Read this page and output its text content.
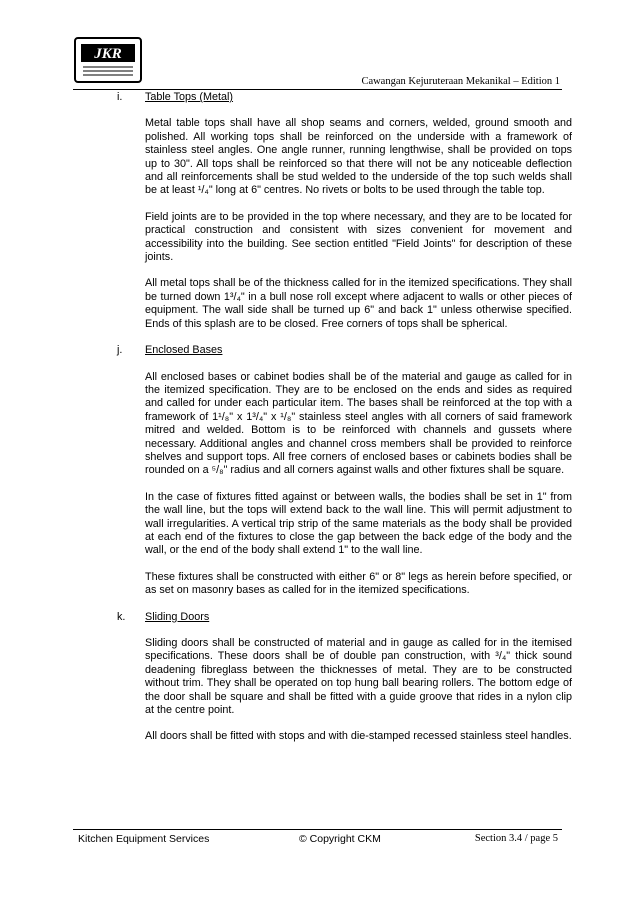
JKR
Cawangan Kejuruteraan Mekanikal – Edition 1
i.	Table Tops (Metal)

Metal table tops shall have all shop seams and corners, welded, ground smooth and polished. All working tops shall be reinforced on the underside with a framework of stainless steel angles. One angle runner, running lengthwise, shall be provided on tops up to 30". All tops shall be reinforced so that there will not be any noticeable deflection and all reinforcements shall be stud welded to the underside of the top such welds shall be at least ¹/₄" long at 6" centres. No rivets or bolts to be used through the table top.

Field joints are to be provided in the top where necessary, and they are to be located for practical construction and consistent with sizes convenient for movement and accessibility into the building. See section entitled "Field Joints" for description of these joints.

All metal tops shall be of the thickness called for in the itemized specifications. They shall be turned down 1³/₄" in a bull nose roll except where adjacent to walls or other pieces of equipment. The wall side shall be turned up 6" and back 1" unless otherwise specified. Ends of this splash are to be closed. Free corners of tops shall be spherical.

j.	Enclosed Bases

All enclosed bases or cabinet bodies shall be of the material and gauge as called for in the itemized specification. They are to be enclosed on the ends and sides as required and called for under each particular item. The bases shall be reinforced at the top with a framework of 1¹/₈" x 1³/₄" x ¹/₈" stainless steel angles with all corners of said framework mitred and welded. Bottom is to be reinforced with channels and gussets where necessary. Additional angles and channel cross members shall be provided to reinforce shelves and support tops. All free corners of enclosed bases or cabinets bodies shall be rounded on a ⁵/₈" radius and all corners against walls and other fixtures shall be square.

In the case of fixtures fitted against or between walls, the bodies shall be set in 1" from the wall line, but the tops will extend back to the wall line. This will permit adjustment to wall irregularities. A vertical trip strip of the same materials as the body shall be provided at each end of the fixtures to close the gap between the back edge of the body and the wall, or the end of the body shall extend 1" to the wall line.

These fixtures shall be constructed with either 6" or 8" legs as herein before specified, or as set on masonry bases as called for in the itemized specifications.

k.	Sliding Doors

Sliding doors shall be constructed of material and in gauge as called for in the itemised specifications. These doors shall be of double pan construction, with ³/₄" thick sound deadening fibreglass between the thicknesses of metal. They are to be constructed without trim. They shall be operated on top hung ball bearing rollers. The bottom edge of the door shall be square and shall be fitted with a guide groove that rides in a nylon clip at the centre point.

All doors shall be fitted with stops and with die-stamped recessed stainless steel handles.

Kitchen Equipment Services	© Copyright CKM	Section 3.4 / page 5
